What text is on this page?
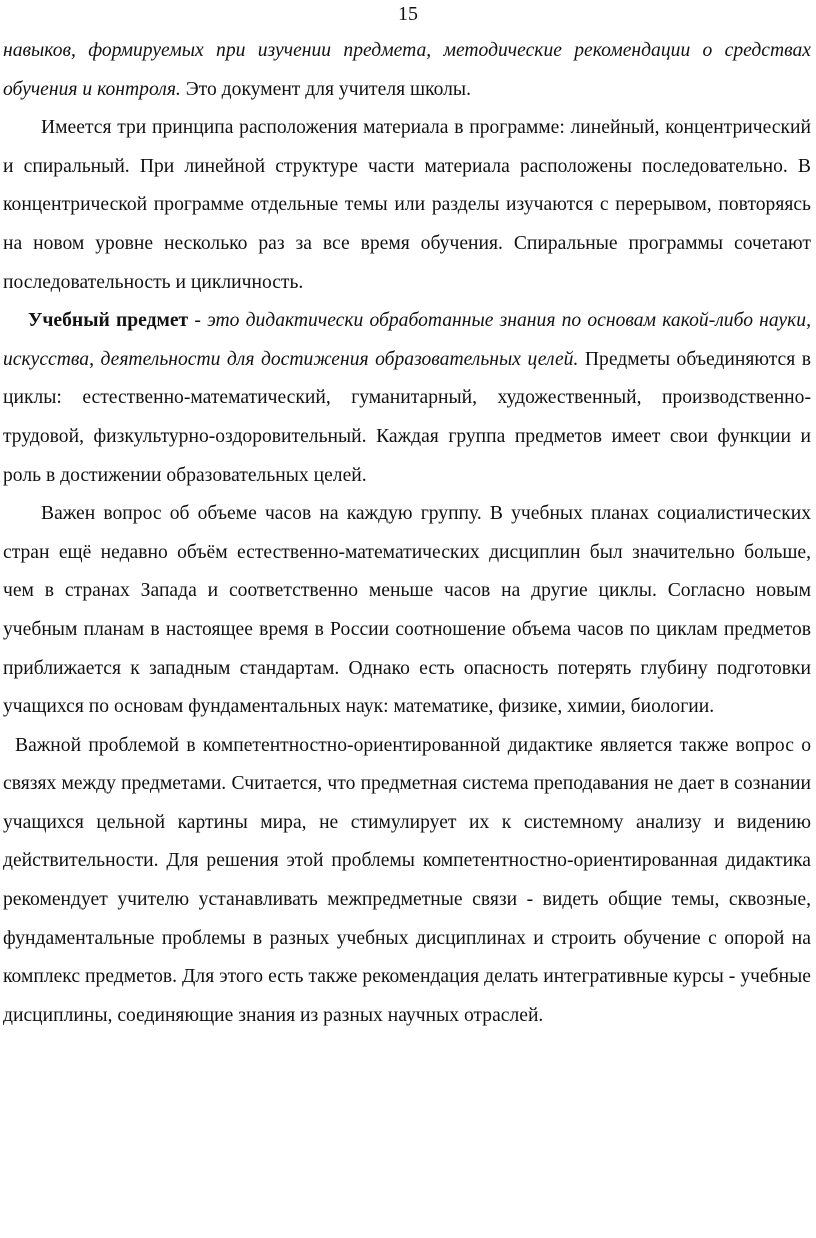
15

навыков, формируемых при изучении предмета, методические рекомендации о средствах обучения и контроля. Это документ для учителя школы.

Имеется три принципа расположения материала в программе: линейный, концентрический и спиральный. При линейной структуре части материала расположены последовательно. В концентрической программе отдельные темы или разделы изучаются с перерывом, повторяясь на новом уровне несколько раз за все время обучения. Спиральные программы сочетают последовательность и цикличность.

Учебный предмет - это дидактически обработанные знания по основам какой-либо науки, искусства, деятельности для достижения образовательных целей. Предметы объединяются в циклы: естественно-математический, гуманитарный, художественный, производственно-трудовой, физкультурно-оздоровительный. Каждая группа предметов имеет свои функции и роль в достижении образовательных целей.

Важен вопрос об объеме часов на каждую группу. В учебных планах социалистических стран ещё недавно объём естественно-математических дисциплин был значительно больше, чем в странах Запада и соответственно меньше часов на другие циклы. Согласно новым учебным планам в настоящее время в России соотношение объема часов по циклам предметов приближается к западным стандартам. Однако есть опасность потерять глубину подготовки учащихся по основам фундаментальных наук: математике, физике, химии, биологии.

Важной проблемой в компетентностно-ориентированной дидактике является также вопрос о связях между предметами. Считается, что предметная система преподавания не дает в сознании учащихся цельной картины мира, не стимулирует их к системному анализу и видению действительности. Для решения этой проблемы компетентностно-ориентированная дидактика рекомендует учителю устанавливать межпредметные связи - видеть общие темы, сквозные, фундаментальные проблемы в разных учебных дисциплинах и строить обучение с опорой на комплекс предметов. Для этого есть также рекомендация делать интегративные курсы - учебные дисциплины, соединяющие знания из разных научных отраслей.
